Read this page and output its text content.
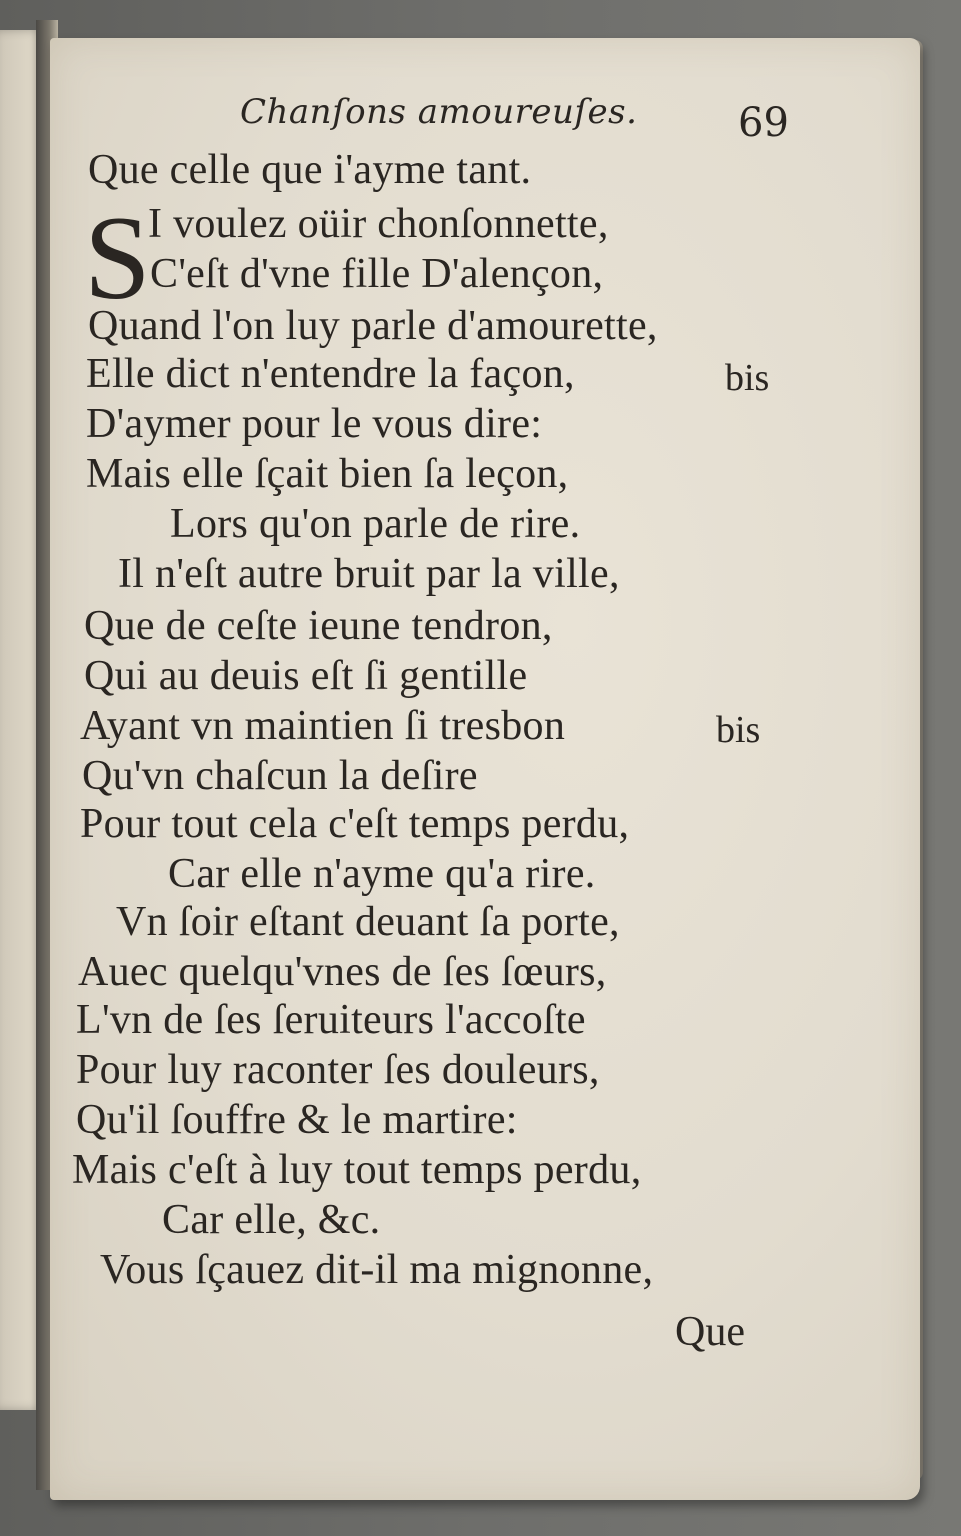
Chanſons amoureuſes.	69
S
Que celle que i'ayme tant.
I voulez oüir chonſonnette,
C'eſt d'vne fille D'alençon,
Quand l'on luy parle d'amourette,
Elle dict n'entendre la façon,
D'aymer pour le vous dire:
Mais elle ſçait bien ſa leçon,
Lors qu'on parle de rire.
Il n'eſt autre bruit par la ville,
Que de ceſte ieune tendron,
Qui au deuis eſt ſi gentille
Ayant vn maintien ſi tresbon
Qu'vn chaſcun la deſire
Pour tout cela c'eſt temps perdu,
Car elle n'ayme qu'a rire.
Vn ſoir eſtant deuant ſa porte,
Auec quelqu'vnes de ſes ſœurs,
L'vn de ſes ſeruiteurs l'accoſte
Pour luy raconter ſes douleurs,
Qu'il ſouffre & le martire:
Mais c'eſt à luy tout temps perdu,
Car elle, &c.
Vous ſçauez dit-il ma mignonne,
bis
bis
Que
